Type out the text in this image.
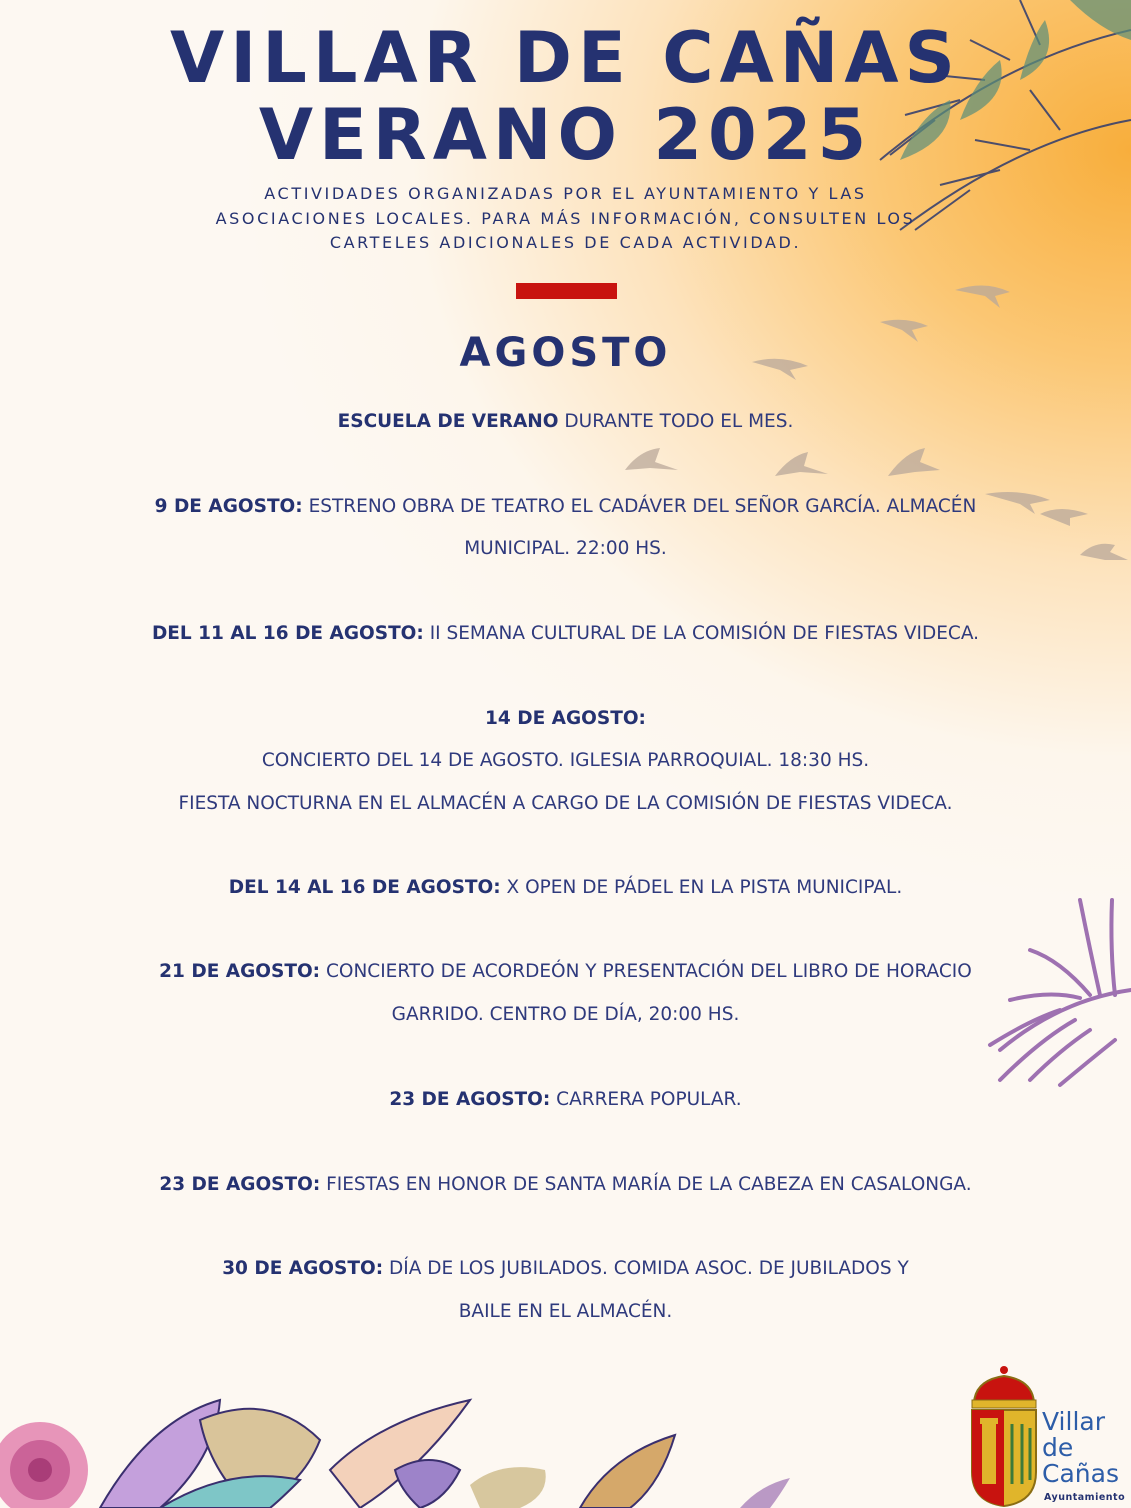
VILLAR DE CAÑAS
VERANO 2025
ACTIVIDADES ORGANIZADAS POR EL AYUNTAMIENTO Y LAS
ASOCIACIONES LOCALES. PARA MÁS INFORMACIÓN, CONSULTEN LOS
CARTELES ADICIONALES DE CADA ACTIVIDAD.
AGOSTO

ESCUELA DE VERANO DURANTE TODO EL MES.

9 DE AGOSTO: ESTRENO OBRA DE TEATRO EL CADÁVER DEL SEÑOR GARCÍA. ALMACÉN

MUNICIPAL. 22:00 HS.

DEL 11 AL 16 DE AGOSTO: II SEMANA CULTURAL DE LA COMISIÓN DE FIESTAS VIDECA.

14 DE AGOSTO:

CONCIERTO DEL 14 DE AGOSTO. IGLESIA PARROQUIAL. 18:30 HS.

FIESTA NOCTURNA EN EL ALMACÉN A CARGO DE LA COMISIÓN DE FIESTAS VIDECA.

DEL 14 AL 16 DE AGOSTO: X OPEN DE PÁDEL EN LA PISTA MUNICIPAL.

21 DE AGOSTO: CONCIERTO DE ACORDEÓN Y PRESENTACIÓN DEL LIBRO DE HORACIO

GARRIDO. CENTRO DE DÍA, 20:00 HS.

23 DE AGOSTO: CARRERA POPULAR.

23 DE AGOSTO: FIESTAS EN HONOR DE SANTA MARÍA DE LA CABEZA EN CASALONGA.

30 DE AGOSTO: DÍA DE LOS JUBILADOS. COMIDA ASOC. DE JUBILADOS Y

BAILE EN EL ALMACÉN.

Villar
de
Cañas
Ayuntamiento
